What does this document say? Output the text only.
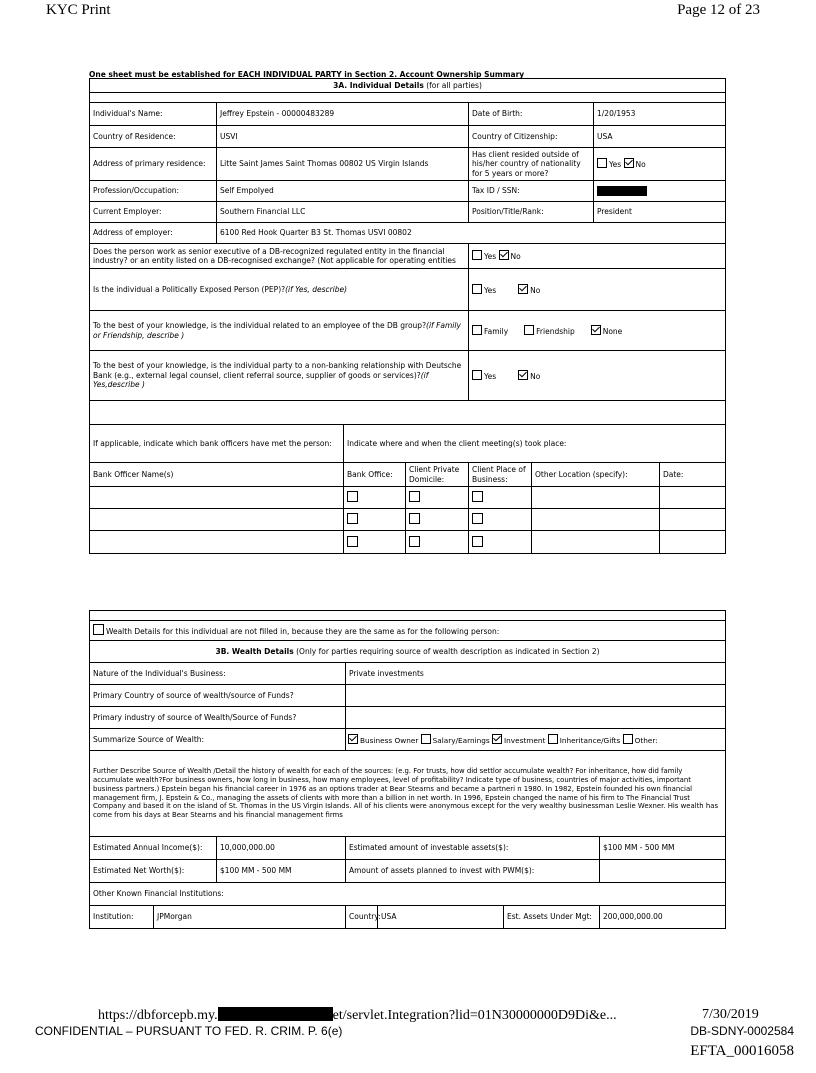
KYC Print	Page 12 of 23
One sheet must be established for EACH INDIVIDUAL PARTY in Section 2. Account Ownership Summary
3A. Individual Details (for all parties)							

Individual's Name:	Jeffrey Epstein - 00000483289			Date of Birth:		1/20/1953	
Country of Residence:	USVI			Country of Citizenship:		USA	
Address of primary residence:	Litte Saint James Saint Thomas 00802 US Virgin Islands			Has client resided outside of his/her country of nationality for 5 years or more?		Yes No	
Profession/Occupation:	Self Empolyed			Tax ID / SSN:			
Current Employer:	Southern Financial LLC			Position/Title/Rank:		President	
Address of employer:	6100 Red Hook Quarter B3 St. Thomas USVI 00802						
Does the person work as senior executive of a DB-recognized regulated entity in the financial industry? or an entity listed on a DB-recognised exchange? (Not applicable for operating entities				Yes No			
Is the individual a Politically Exposed Person (PEP)?(if Yes, describe)				Yes No			
To the best of your knowledge, is the individual related to an employee of the DB group?(if Family or Friendship, describe )				Family Friendship None			
To the best of your knowledge, is the individual party to a non-banking relationship with Deutsche Bank (e.g., external legal counsel, client referral source, supplier of goods or services)?(if Yes,describe )				Yes No			

If applicable, indicate which bank officers have met the person:		Indicate where and when the client meeting(s) took place:					
Bank Officer Name(s)		Bank Office:	Client Private Domicile:	Client Place of Business:	Other Location (specify):		Date:

Wealth Details for this individual are not filled in, because they are the same as for the following person:						
3B. Wealth Details (Only for parties requiring source of wealth description as indicated in Section 2)						
Nature of the Individual's Business:			Private investments			
Primary Country of source of wealth/source of Funds?						
Primary industry of source of Wealth/Source of Funds?						
Summarize Source of Wealth:			Business Owner Salary/Earnings Investment Inheritance/Gifts Other:			
Further Describe Source of Wealth /Detail the history of wealth for each of the sources: (e.g. For trusts, how did settlor accumulate wealth? For inheritance, how did family accumulate wealth?For business owners, how long in business, how many employees, level of profitability? Indicate type of business, countries of major activities, important business partners.) Epstein began his financial career in 1976 as an options trader at Bear Stearns and became a partneri n 1980. In 1982, Epstein founded his own financial management firm, J. Epstein & Co., managing the assets of clients with more than a billion in net worth. In 1996, Epstein changed the name of his firm to The Financial Trust Company and based it on the island of St. Thomas in the US Virgin Islands. All of his clients were anonymous except for the very wealthy businessman Leslie Wexner. His wealth has come from his days at Bear Stearns and his financial management firms						
Estimated Annual Income($):		10,000,000.00	Estimated amount of investable assets($):			$100 MM - 500 MM
Estimated Net Worth($):		$100 MM - 500 MM	Amount of assets planned to invest with PWM($):			
Other Known Financial Institutions:						
Institution:	JPMorgan		Country:	USA	Est. Assets Under Mgt:	200,000,000.00
https://dbforcepb.my.	et/servlet.Integration?lid=01N30000000D9Di&e...	7/30/2019
CONFIDENTIAL – PURSUANT TO FED. R. CRIM. P. 6(e)	DB-SDNY-0002584
EFTA_00016058
